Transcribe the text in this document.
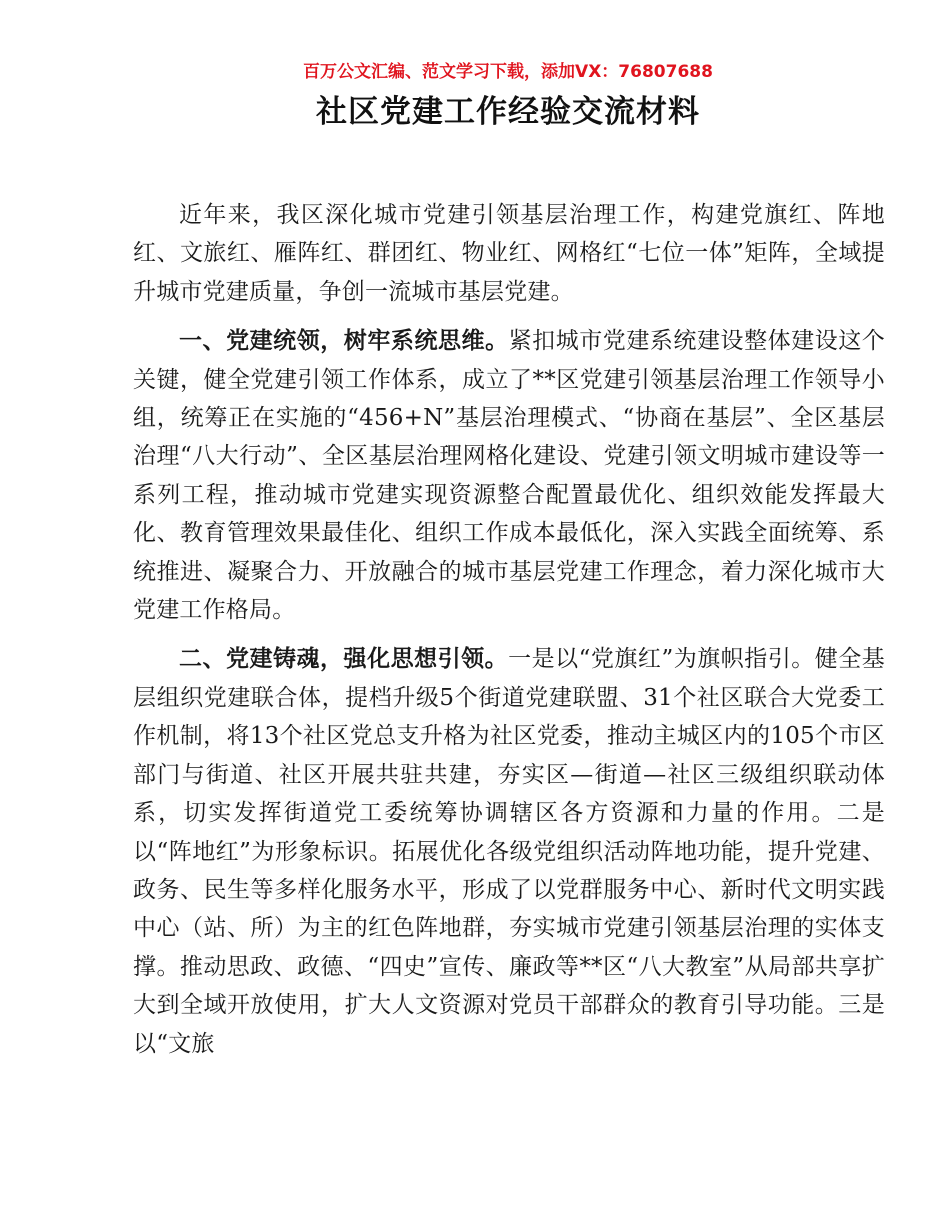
百万公文汇编、范文学习下载，添加VX：76807688
社区党建工作经验交流材料

近年来，我区深化城市党建引领基层治理工作，构建党旗红、阵地红、文旅红、雁阵红、群团红、物业红、网格红“七位一体”矩阵，全域提升城市党建质量，争创一流城市基层党建。

一、党建统领，树牢系统思维。紧扣城市党建系统建设整体建设这个关键，健全党建引领工作体系，成立了**区党建引领基层治理工作领导小组，统筹正在实施的“456+N”基层治理模式、“协商在基层”、全区基层治理“八大行动”、全区基层治理网格化建设、党建引领文明城市建设等一系列工程，推动城市党建实现资源整合配置最优化、组织效能发挥最大化、教育管理效果最佳化、组织工作成本最低化，深入实践全面统筹、系统推进、凝聚合力、开放融合的城市基层党建工作理念，着力深化城市大党建工作格局。

二、党建铸魂，强化思想引领。一是以“党旗红”为旗帜指引。健全基层组织党建联合体，提档升级5个街道党建联盟、31个社区联合大党委工作机制，将13个社区党总支升格为社区党委，推动主城区内的105个市区部门与街道、社区开展共驻共建，夯实区—街道—社区三级组织联动体系，切实发挥街道党工委统筹协调辖区各方资源和力量的作用。二是以“阵地红”为形象标识。拓展优化各级党组织活动阵地功能，提升党建、政务、民生等多样化服务水平，形成了以党群服务中心、新时代文明实践中心（站、所）为主的红色阵地群，夯实城市党建引领基层治理的实体支撑。推动思政、政德、“四史”宣传、廉政等**区“八大教室”从局部共享扩大到全域开放使用，扩大人文资源对党员干部群众的教育引导功能。三是以“文旅
